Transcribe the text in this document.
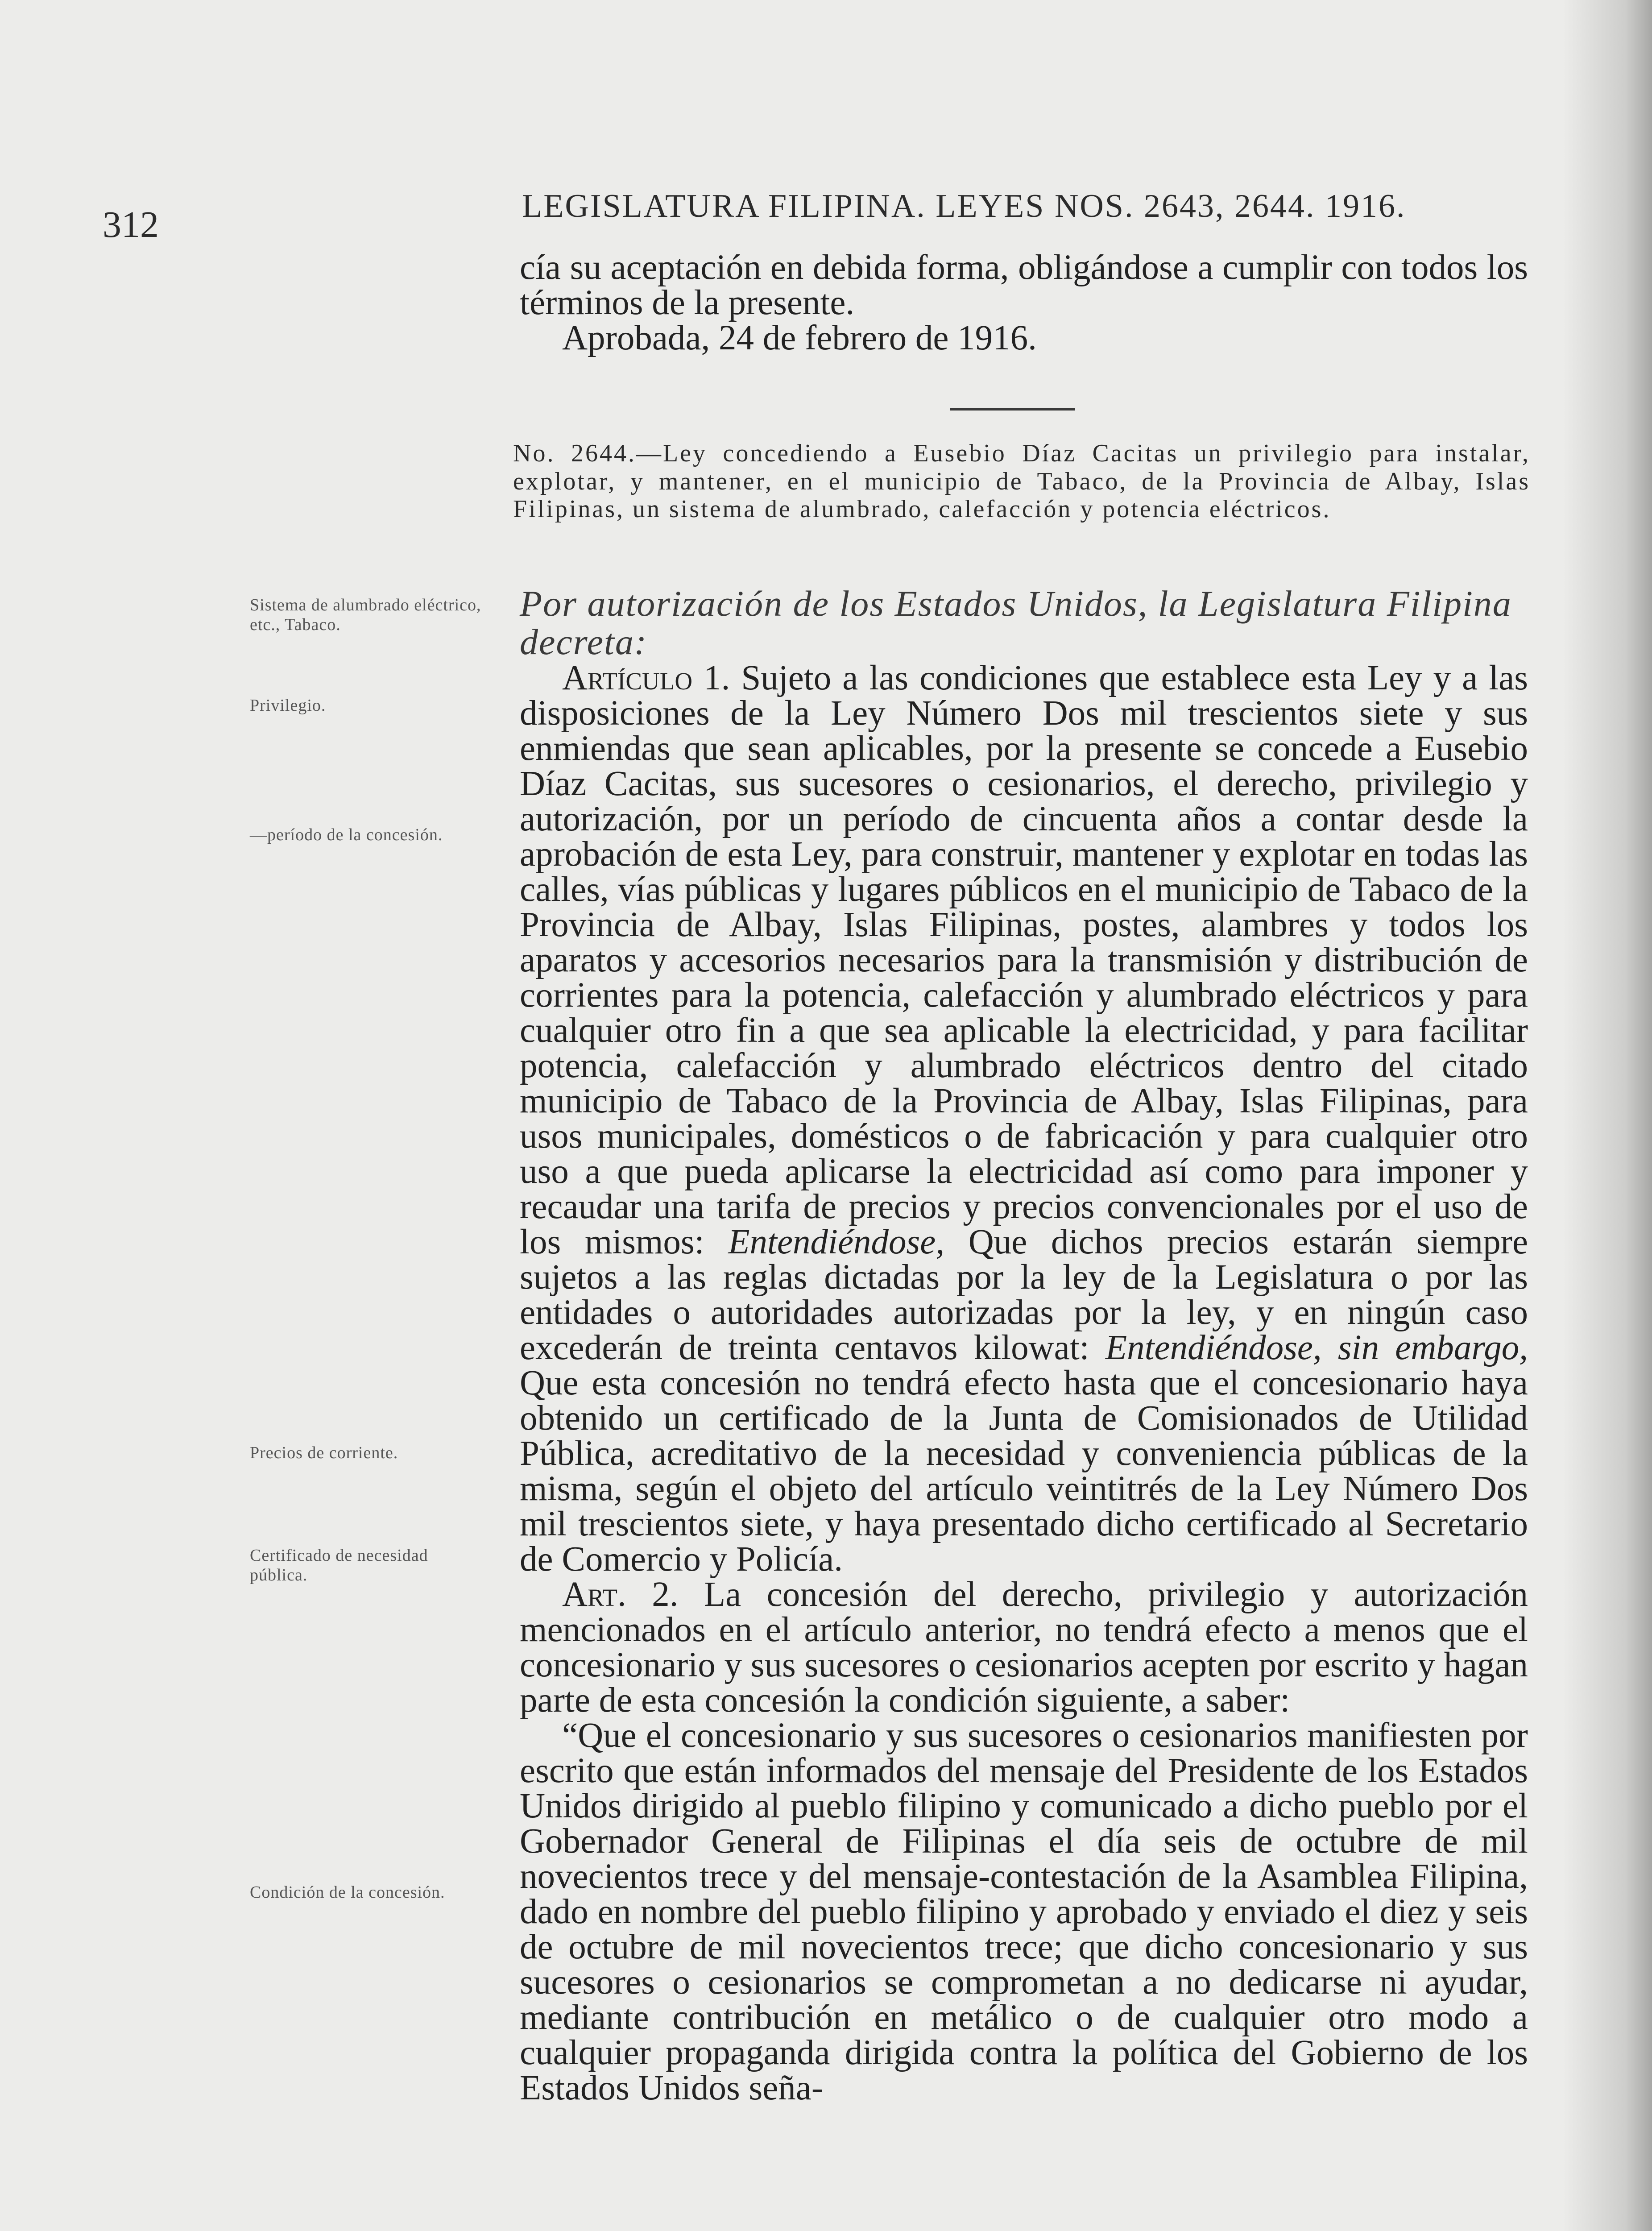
312	LEGISLATURA FILIPINA. LEYES NOS. 2643, 2644. 1916.

cía su aceptación en debida forma, obligándose a cumplir con todos los términos de la presente.

Aprobada, 24 de febrero de 1916.

No. 2644.—Ley concediendo a Eusebio Díaz Cacitas un privilegio para instalar, explotar, y mantener, en el municipio de Tabaco, de la Provincia de Albay, Islas Filipinas, un sistema de alumbrado, calefacción y potencia eléctricos.
Por autorización de los Estados Unidos, la Legislatura Filipina decreta:

Artículo 1. Sujeto a las condiciones que establece esta Ley y a las disposiciones de la Ley Número Dos mil trescientos siete y sus enmiendas que sean aplicables, por la presente se concede a Eusebio Díaz Cacitas, sus sucesores o cesionarios, el derecho, privilegio y autorización, por un período de cincuenta años a contar desde la aprobación de esta Ley, para construir, mantener y explotar en todas las calles, vías públicas y lugares públicos en el municipio de Tabaco de la Provincia de Albay, Islas Filipinas, postes, alambres y todos los aparatos y accesorios necesarios para la transmisión y distribución de corrientes para la potencia, calefacción y alumbrado eléctricos y para cualquier otro fin a que sea aplicable la electricidad, y para facilitar potencia, calefacción y alumbrado eléctricos dentro del citado municipio de Tabaco de la Provincia de Albay, Islas Filipinas, para usos municipales, domésticos o de fabricación y para cualquier otro uso a que pueda aplicarse la electricidad así como para imponer y recaudar una tarifa de precios y precios convencionales por el uso de los mismos: Entendiéndose, Que dichos precios estarán siempre sujetos a las reglas dictadas por la ley de la Legislatura o por las entidades o autoridades autorizadas por la ley, y en ningún caso excederán de treinta centavos kilowat: Entendiéndose, sin embargo, Que esta concesión no tendrá efecto hasta que el concesionario haya obtenido un certificado de la Junta de Comisionados de Utilidad Pública, acreditativo de la necesidad y conveniencia públicas de la misma, según el objeto del artículo veintitrés de la Ley Número Dos mil trescientos siete, y haya presentado dicho certificado al Secretario de Comercio y Policía.

Art. 2. La concesión del derecho, privilegio y autorización mencionados en el artículo anterior, no tendrá efecto a menos que el concesionario y sus sucesores o cesionarios acepten por escrito y hagan parte de esta concesión la condición siguiente, a saber:

“Que el concesionario y sus sucesores o cesionarios manifiesten por escrito que están informados del mensaje del Presidente de los Estados Unidos dirigido al pueblo filipino y comunicado a dicho pueblo por el Gobernador General de Filipinas el día seis de octubre de mil novecientos trece y del mensaje-contestación de la Asamblea Filipina, dado en nombre del pueblo filipino y aprobado y enviado el diez y seis de octubre de mil novecientos trece; que dicho concesionario y sus sucesores o cesionarios se comprometan a no dedicarse ni ayudar, mediante contribución en metálico o de cualquier otro modo a cualquier propaganda dirigida contra la política del Gobierno de los Estados Unidos seña-

Sistema de alumbrado eléctrico, etc., Tabaco.
Privilegio.
—período de la concesión.
Precios de corriente.
Certificado de necesidad pública.
Condición de la concesión.
